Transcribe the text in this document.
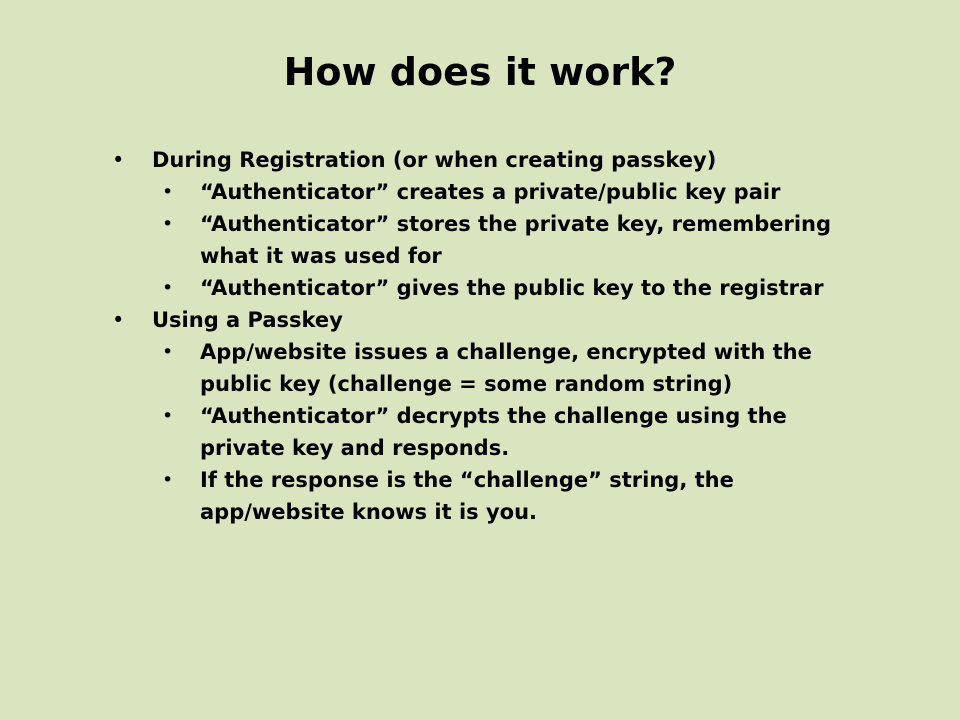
How does it work?
•	During Registration (or when creating passkey)
• “Authenticator” creates a private/public key pair
• “Authenticator” stores the private key, remembering what it was used for
• “Authenticator” gives the public key to the registrar
•	Using a Passkey
• App/website issues a challenge, encrypted with the public key (challenge = some random string)
• “Authenticator” decrypts the challenge using the private key and responds.
• If the response is the “challenge” string, the app/website knows it is you.
